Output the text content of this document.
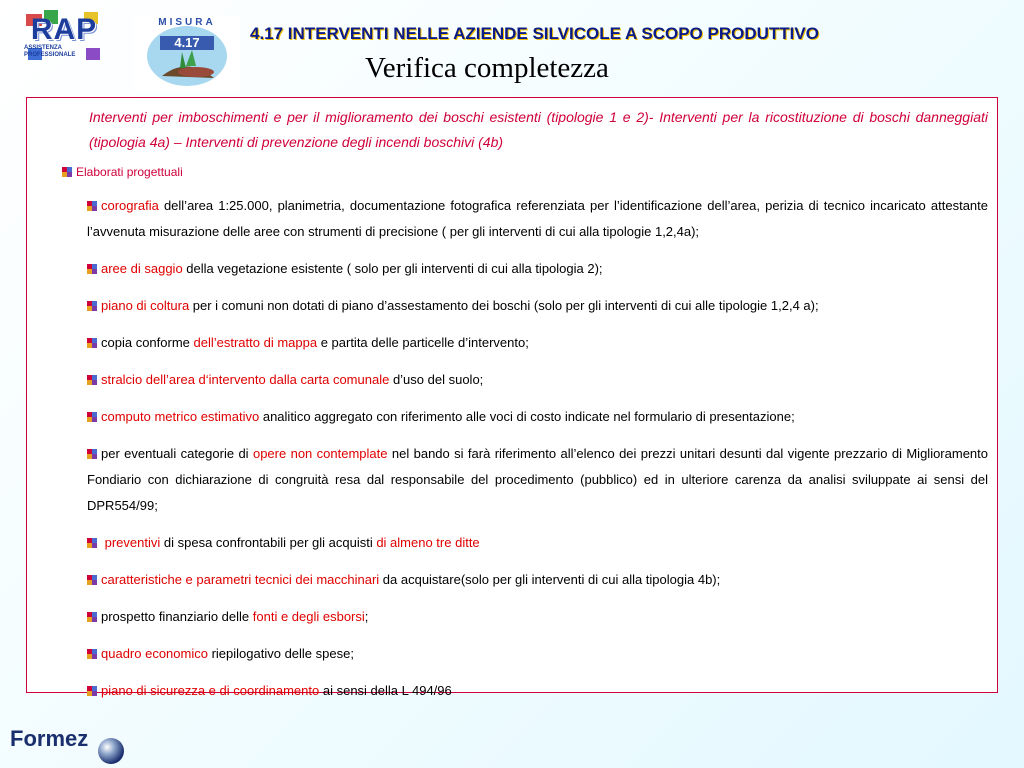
RAP
ASSISTENZA PROFESSIONALE
MISURA
4.17	4.17 INTERVENTI NELLE AZIENDE SILVICOLE A SCOPO PRODUTTIVO
Verifica completezza
Interventi per imboschimenti e per il miglioramento dei boschi esistenti (tipologie 1 e 2)- Interventi per la ricostituzione di boschi danneggiati (tipologia 4a) – Interventi di prevenzione degli incendi boschivi (4b)
Elaborati progettuali
corografia dell’area 1:25.000, planimetria, documentazione fotografica referenziata per l’identificazione dell’area, perizia di tecnico incaricato attestante l’avvenuta misurazione delle aree con strumenti di precisione ( per gli interventi di cui alla tipologie 1,2,4a);
aree di saggio della vegetazione esistente ( solo per gli interventi di cui alla tipologia 2);
piano di coltura per i comuni non dotati di piano d’assestamento dei boschi (solo per gli interventi di cui alle tipologie 1,2,4 a);
copia conforme dell’estratto di mappa e partita delle particelle d’intervento;
stralcio dell’area d‘intervento dalla carta comunale d’uso del suolo;
computo metrico estimativo analitico aggregato con riferimento alle voci di costo indicate nel formulario di presentazione;
per eventuali categorie di opere non contemplate nel bando si farà riferimento all’elenco dei prezzi unitari desunti dal vigente prezzario di Miglioramento Fondiario con dichiarazione di congruità resa dal responsabile del procedimento (pubblico) ed in ulteriore carenza da analisi sviluppate ai sensi del DPR554/99;
preventivi di spesa confrontabili per gli acquisti di almeno tre ditte
caratteristiche e parametri tecnici dei macchinari da acquistare(solo per gli interventi di cui alla tipologia 4b);
prospetto finanziario delle fonti e degli esborsi;
quadro economico riepilogativo delle spese;
piano di sicurezza e di coordinamento ai sensi della L 494/96
Formez
